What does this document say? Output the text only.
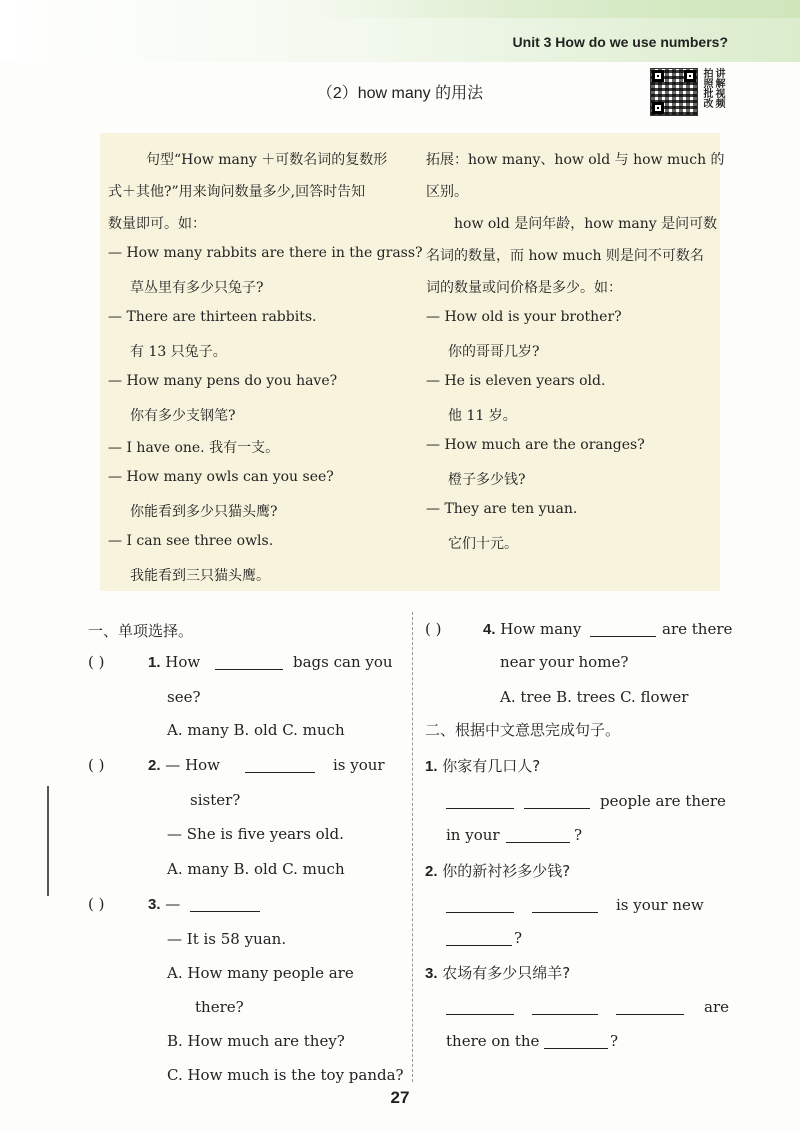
Unit 3 How do we use numbers?
（2）how many 的用法	讲解视频 拍照批改
句型“How many ＋可数名词的复数形
式＋其他?”用来询问数量多少,回答时告知
数量即可。如：
— How many rabbits are there in the grass?
草丛里有多少只兔子?
— There are thirteen rabbits.
有 13 只兔子。
— How many pens do you have?
你有多少支钢笔?
— I have one. 我有一支。
— How many owls can you see?
你能看到多少只猫头鹰?
— I can see three owls.
我能看到三只猫头鹰。
拓展：how many、how old 与 how much 的
区别。
how old 是问年龄，how many 是问可数
名词的数量，而 how much 则是问不可数名
词的数量或问价格是多少。如：
— How old is your brother?
你的哥哥几岁?
— He is eleven years old.
他 11 岁。
— How much are the oranges?
橙子多少钱?
— They are ten yuan.
它们十元。
一、单项选择。
( )	1. How	bags can you
see?
A. many B. old C. much
( )	2. — How	is your
sister?
— She is five years old.
A. many B. old C. much
( )	3. —
— It is 58 yuan.
A. How many people are
there?
B. How much are they?
C. How much is the toy panda?
( )	4. How many	are there
near your home?
A. tree B. trees C. flower
二、根据中文意思完成句子。
1. 你家有几口人?
people are there
in your	?
2. 你的新衬衫多少钱?
is your new
?
3. 农场有多少只绵羊?
are
there on the	?
27
